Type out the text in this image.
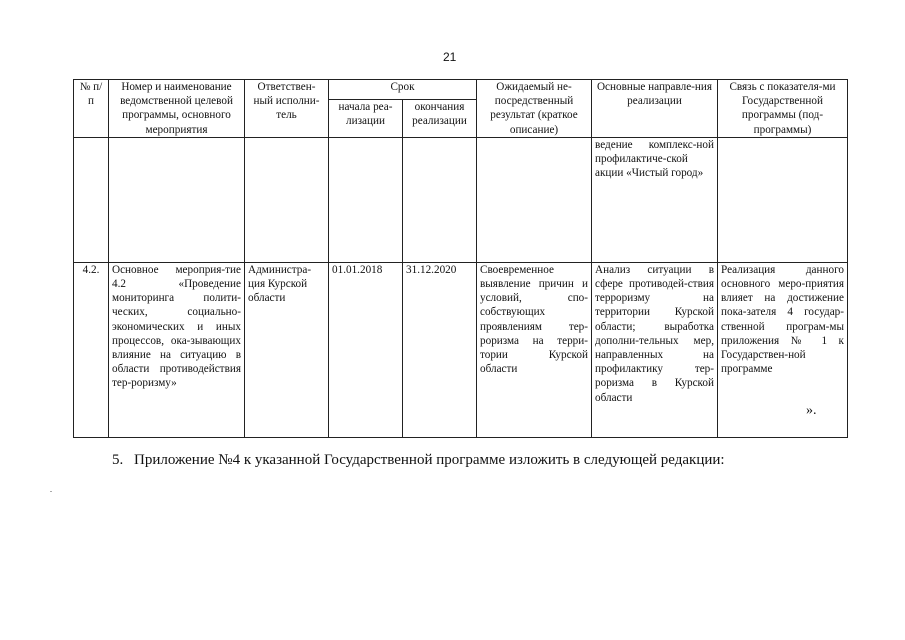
21
№ п/п	Номер и наименование ведомственной целевой программы, основного мероприятия	Ответствен-ный исполни-тель	Срок		Ожидаемый не-посредственный результат (краткое описание)	Основные направле-ния реализации	Связь с показателя-ми Государственной программы (под-программы)
			начала реа-лизации	окончания реализации			
						ведение комплекс-ной профилактиче-ской акции «Чистый город»	
4.2.	Основное мероприя-тие 4.2 «Проведение мониторинга полити-ческих, социально-экономических и иных процессов, ока-зывающих влияние на ситуацию в области противодействия тер-роризму»	Администра-ция Курской области	01.01.2018	31.12.2020	Своевременное выявление причин и условий, спо-собствующих проявлениям тер-роризма на терри-тории Курской области	Анализ ситуации в сфере противодей-ствия терроризму на территории Курской области; выработка дополни-тельных мер, направленных на профилактику тер-роризма в Курской области	Реализация данного основного меро-приятия влияет на достижение пока-зателя 4 государ-ственной програм-мы приложения № 1 к Государствен-ной программе
».
5. Приложение №4 к указанной Государственной программе изложить в следующей редакции:
